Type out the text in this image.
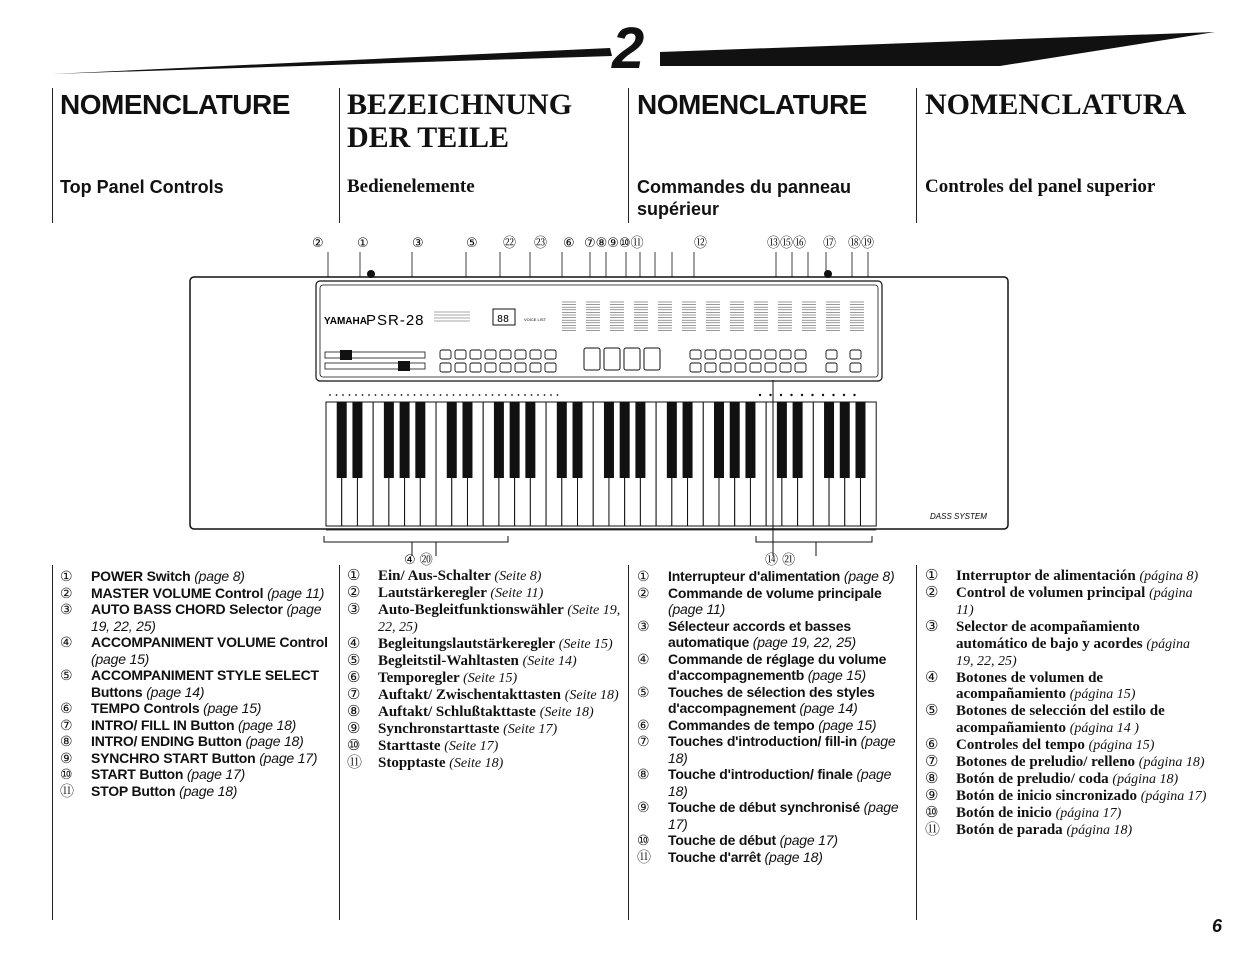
2
NOMENCLATURE	BEZEICHNUNG
DER TEILE
NOMENCLATURE	NOMENCLATURA
Top Panel Controls	Bedienelemente	Commandes du panneau supérieur
Controles del panel superior
②	①	③	⑤ ㉒ ㉓ ⑥ ⑦⑧⑨⑩⑪	⑫	⑬⑮⑯ ⑰ ⑱⑲
YAMAHA PSR-28	88	VOICE LIST
DASS SYSTEM
④ ⑳	⑭ ㉑
① POWER Switch (page 8)
② MASTER VOLUME Control (page 11)
③ AUTO BASS CHORD Selector (page 19, 22, 25)
④ ACCOMPANIMENT VOLUME Control (page 15)
⑤ ACCOMPANIMENT STYLE SELECT Buttons (page 14)
⑥ TEMPO Controls (page 15)
⑦ INTRO/ FILL IN Button (page 18)
⑧ INTRO/ ENDING Button (page 18)
⑨ SYNCHRO START Button (page 17)
⑩ START Button (page 17)
⑪ STOP Button (page 18)
① Ein/ Aus-Schalter (Seite 8)
② Lautstärkeregler (Seite 11)
③ Auto-Begleitfunktionswähler (Seite 19, 22, 25)
④ Begleitungslautstärkeregler (Seite 15)
⑤ Begleitstil-Wahltasten (Seite 14)
⑥ Temporegler (Seite 15)
⑦ Auftakt/ Zwischentakttasten (Seite 18)
⑧ Auftakt/ Schlußtakttaste (Seite 18)
⑨ Synchronstarttaste (Seite 17)
⑩ Starttaste (Seite 17)
⑪ Stopptaste (Seite 18)
① Interrupteur d'alimentation (page 8)
② Commande de volume principale (page 11)
③ Sélecteur accords et basses automatique (page 19, 22, 25)
④ Commande de réglage du volume d'accompagnementb (page 15)
⑤ Touches de sélection des styles d'accompagnement (page 14)
⑥ Commandes de tempo (page 15)
⑦ Touches d'introduction/ fill-in (page 18)
⑧ Touche d'introduction/ finale (page 18)
⑨ Touche de début synchronisé (page 17)
⑩ Touche de début (page 17)
⑪ Touche d'arrêt (page 18)
① Interruptor de alimentación (página 8)
② Control de volumen principal (página 11)
③ Selector de acompañamiento automático de bajo y acordes (página 19, 22, 25)
④ Botones de volumen de acompañamiento (página 15)
⑤ Botones de selección del estilo de acompañamiento (página 14 )
⑥ Controles del tempo (página 15)
⑦ Botones de preludio/ relleno (página 18)
⑧ Botón de preludio/ coda (página 18)
⑨ Botón de inicio sincronizado (página 17)
⑩ Botón de inicio (página 17)
⑪ Botón de parada (página 18)
6
